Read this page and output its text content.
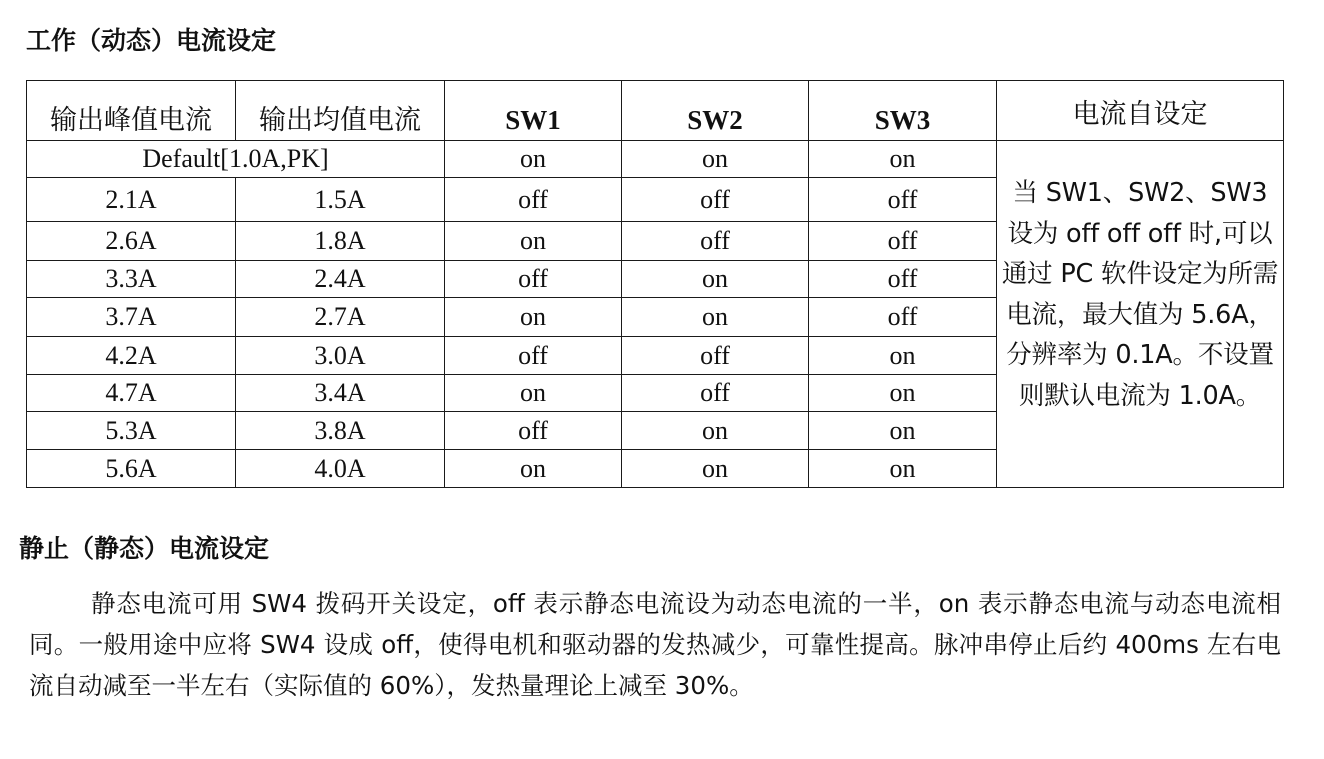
工作（动态）电流设定
输出峰值电流	输出均值电流	SW1	SW2	SW3	电流自设定
Default[1.0A,PK]		on	on	on	当 SW1、SW2、SW3 设为 off off off 时,可以通过 PC 软件设定为所需电流，最大值为 5.6A，分辨率为 0.1A。不设置则默认电流为 1.0A。
2.1A	1.5A	off	off	off	
2.6A	1.8A	on	off	off	
3.3A	2.4A	off	on	off	
3.7A	2.7A	on	on	off	
4.2A	3.0A	off	off	on	
4.7A	3.4A	on	off	on	
5.3A	3.8A	off	on	on	
5.6A	4.0A	on	on	on	
静止（静态）电流设定

静态电流可用 SW4 拨码开关设定，off 表示静态电流设为动态电流的一半，on 表示静态电流与动态电流相同。一般用途中应将 SW4 设成 off，使得电机和驱动器的发热减少，可靠性提高。脉冲串停止后约 400ms 左右电流自动减至一半左右（实际值的 60%），发热量理论上减至 30%。
